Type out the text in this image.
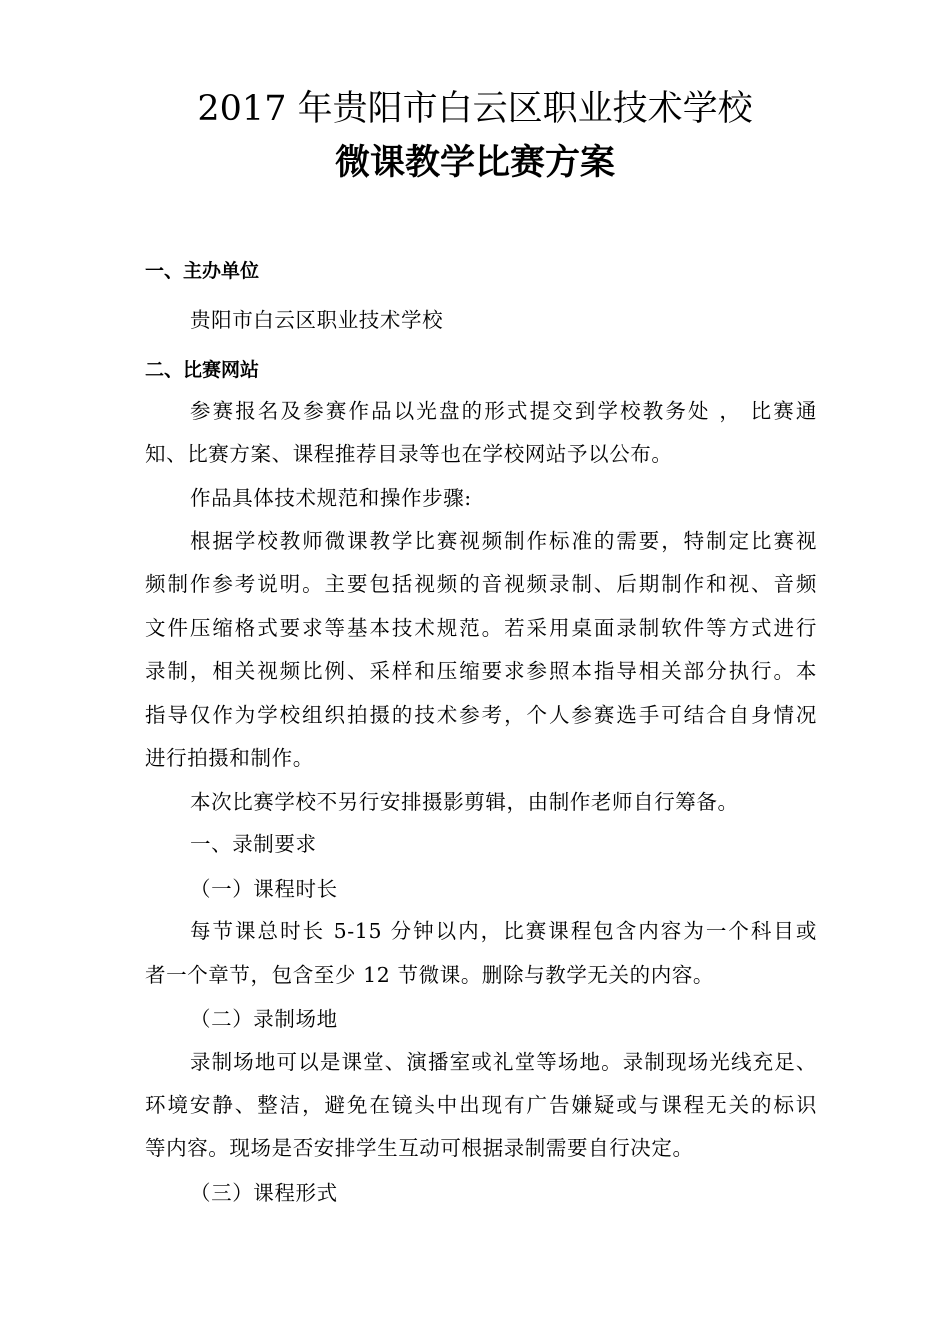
2017 年贵阳市白云区职业技术学校
微课教学比赛方案
一、主办单位

贵阳市白云区职业技术学校

二、比赛网站

参赛报名及参赛作品以光盘的形式提交到学校教务处 ， 比赛通

知、比赛方案、课程推荐目录等也在学校网站予以公布。

作品具体技术规范和操作步骤:

根据学校教师微课教学比赛视频制作标准的需要，特制定比赛视

频制作参考说明。主要包括视频的音视频录制、后期制作和视、音频

文件压缩格式要求等基本技术规范。若采用桌面录制软件等方式进行

录制，相关视频比例、采样和压缩要求参照本指导相关部分执行。本

指导仅作为学校组织拍摄的技术参考，个人参赛选手可结合自身情况

进行拍摄和制作。

本次比赛学校不另行安排摄影剪辑，由制作老师自行筹备。

一、录制要求

（一）课程时长

每节课总时长 5-15 分钟以内，比赛课程包含内容为一个科目或

者一个章节，包含至少 12 节微课。删除与教学无关的内容。

（二）录制场地

录制场地可以是课堂、演播室或礼堂等场地。录制现场光线充足、

环境安静、整洁，避免在镜头中出现有广告嫌疑或与课程无关的标识

等内容。现场是否安排学生互动可根据录制需要自行决定。

（三）课程形式
